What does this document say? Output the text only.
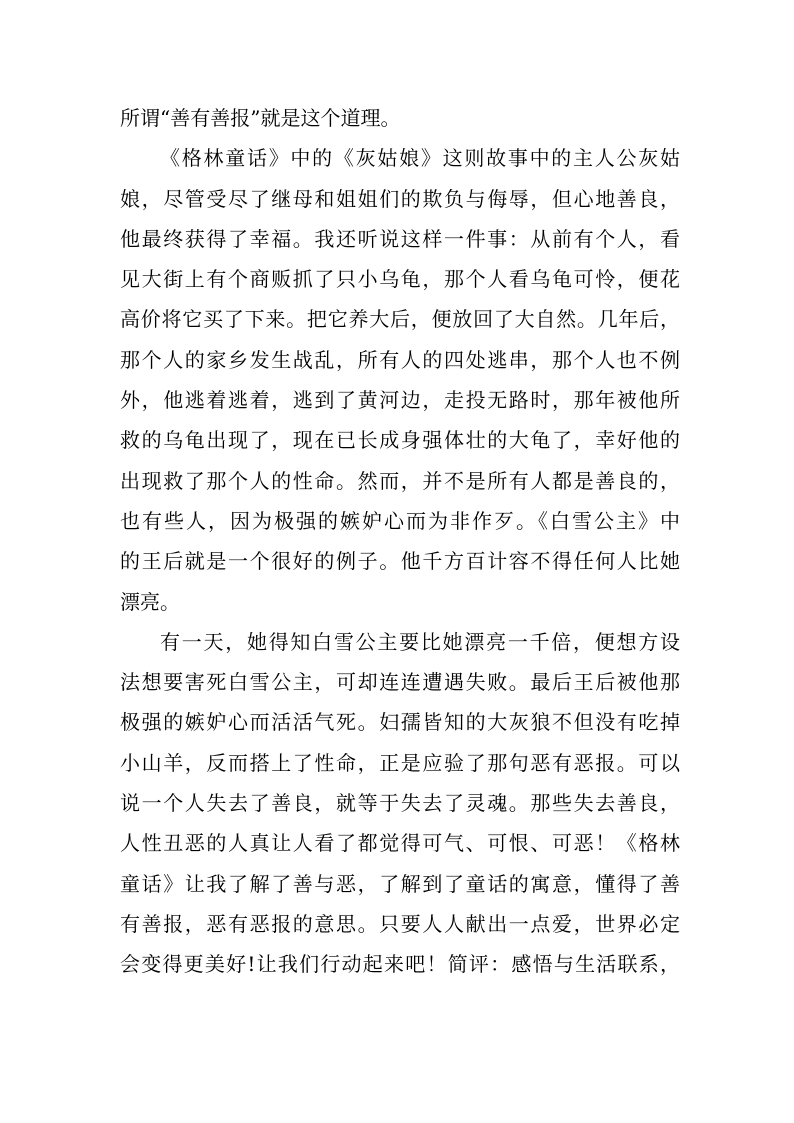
所谓“善有善报”就是这个道理。
《格林童话》中的《灰姑娘》这则故事中的主人公灰姑
娘，尽管受尽了继母和姐姐们的欺负与侮辱，但心地善良，
他最终获得了幸福。我还听说这样一件事：从前有个人，看
见大街上有个商贩抓了只小乌龟，那个人看乌龟可怜，便花
高价将它买了下来。把它养大后，便放回了大自然。几年后，
那个人的家乡发生战乱，所有人的四处逃串，那个人也不例
外，他逃着逃着，逃到了黄河边，走投无路时，那年被他所
救的乌龟出现了，现在已长成身强体壮的大龟了，幸好他的
出现救了那个人的性命。然而，并不是所有人都是善良的，
也有些人，因为极强的嫉妒心而为非作歹。《白雪公主》中
的王后就是一个很好的例子。他千方百计容不得任何人比她
漂亮。
有一天，她得知白雪公主要比她漂亮一千倍，便想方设
法想要害死白雪公主，可却连连遭遇失败。最后王后被他那
极强的嫉妒心而活活气死。妇孺皆知的大灰狼不但没有吃掉
小山羊，反而搭上了性命，正是应验了那句恶有恶报。可以
说一个人失去了善良，就等于失去了灵魂。那些失去善良，
人性丑恶的人真让人看了都觉得可气、可恨、可恶！《格林
童话》让我了解了善与恶，了解到了童话的寓意，懂得了善
有善报，恶有恶报的意思。只要人人献出一点爱，世界必定
会变得更美好!让我们行动起来吧！简评：感悟与生活联系，
